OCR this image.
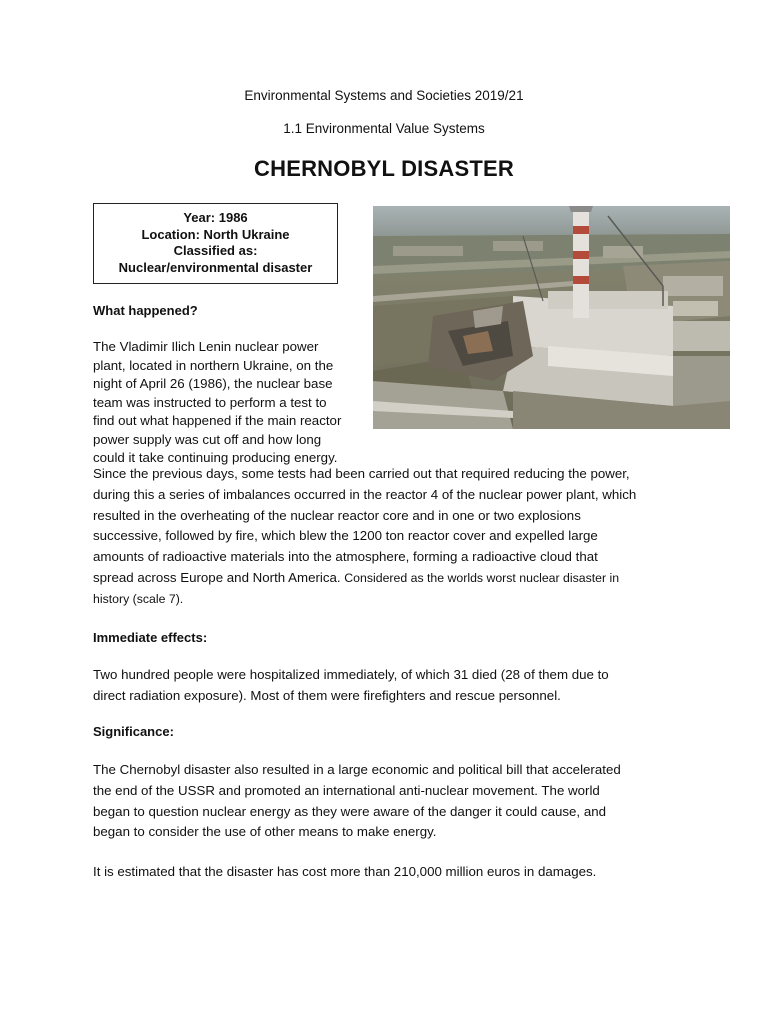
Environmental Systems and Societies 2019/21
1.1 Environmental Value Systems
CHERNOBYL DISASTER
Year: 1986
Location: North Ukraine
Classified as:
Nuclear/environmental disaster
What happened?
The Vladimir Ilich Lenin nuclear power
plant, located in northern Ukraine, on the
night of April 26 (1986), the nuclear base
team was instructed to perform a test to
find out what happened if the main reactor
power supply was cut off and how long
could it take continuing producing energy.
Since the previous days, some tests had been carried out that required reducing the power,
during this a series of imbalances occurred in the reactor 4 of the nuclear power plant, which
resulted in the overheating of the nuclear reactor core and in one or two explosions
successive, followed by fire, which blew the 1200 ton reactor cover and expelled large
amounts of radioactive materials into the atmosphere, forming a radioactive cloud that
spread across Europe and North America. Considered as the worlds worst nuclear disaster in
history (scale 7).
Immediate effects:
Two hundred people were hospitalized immediately, of which 31 died (28 of them due to
direct radiation exposure). Most of them were firefighters and rescue personnel.
Significance:
The Chernobyl disaster also resulted in a large economic and political bill that accelerated
the end of the USSR and promoted an international anti-nuclear movement. The world
began to question nuclear energy as they were aware of the danger it could cause, and
began to consider the use of other means to make energy.
It is estimated that the disaster has cost more than 210,000 million euros in damages.
